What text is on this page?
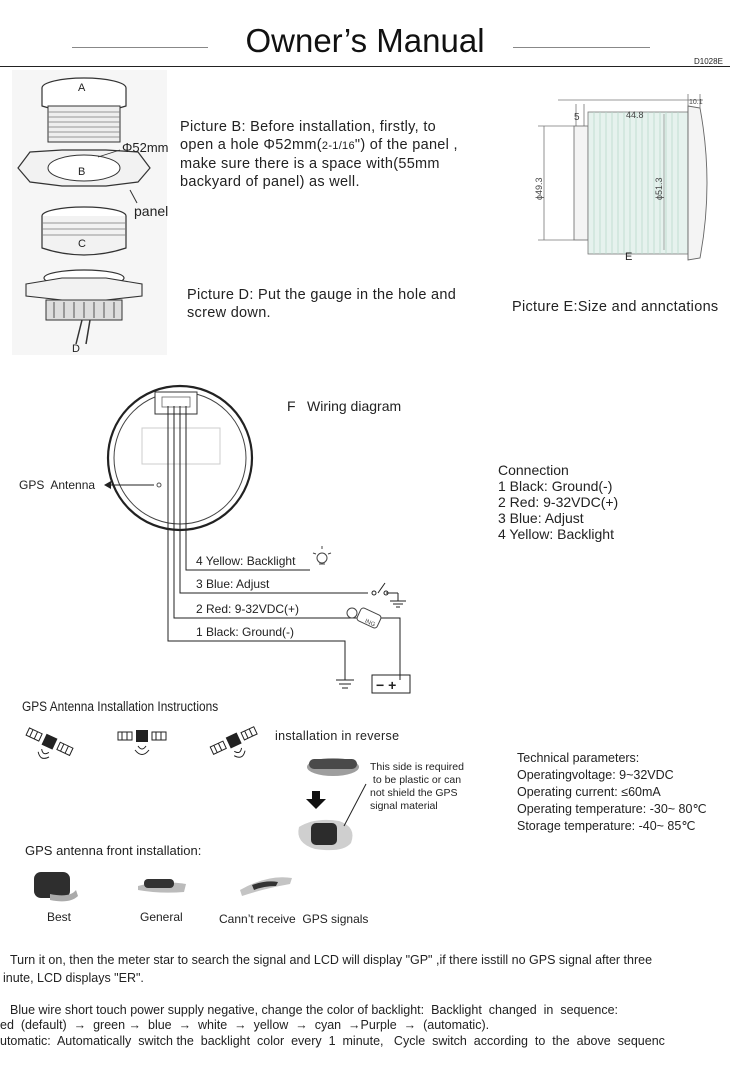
Owner’s Manual
D1028E
A
B
Φ52mm
panel
C
D
Picture B: Before installation, firstly, to
open a hole Φ52mm(2-1/16") of the panel ,
make sure there is a space with(55mm
backyard of panel) as well.
Picture D: Put the gauge in the hole and
screw down.
44.8
5
10.1
ϕ49.3	ϕ51.3
E
Picture E:Size and annctations
ING
− +
4 Yellow: Backlight
3 Blue: Adjust
2 Red: 9-32VDC(+)
1 Black: Ground(-)
GPS  Antenna
F Wiring diagram
Connection
1 Black: Ground(-)
2 Red: 9-32VDC(+)
3 Blue: Adjust
4 Yellow: Backlight
GPS Antenna Installation Instructions
installation in reverse
This side is required
to be plastic or can
not shield the GPS
signal material
Technical parameters:
Operatingvoltage: 9~32VDC
Operating current: ≤60mA
Operating temperature: -30~ 80℃
Storage temperature: -40~ 85℃
GPS antenna front installation:
Best	General	Cann’t receive  GPS signals
Turn it on, then the meter star to search the signal and LCD will display "GP" ,if there isstill no GPS signal after three
inute, LCD displays "ER".
Blue wire short touch power supply negative, change the color of backlight:  Backlight  changed  in  sequence:
ed  (default)  →  green →  blue  →  white  →  yellow  →  cyan  →Purple  →  (automatic).
utomatic:  Automatically  switch the  backlight  color  every  1  minute,   Cycle  switch  according  to  the  above  sequenc
